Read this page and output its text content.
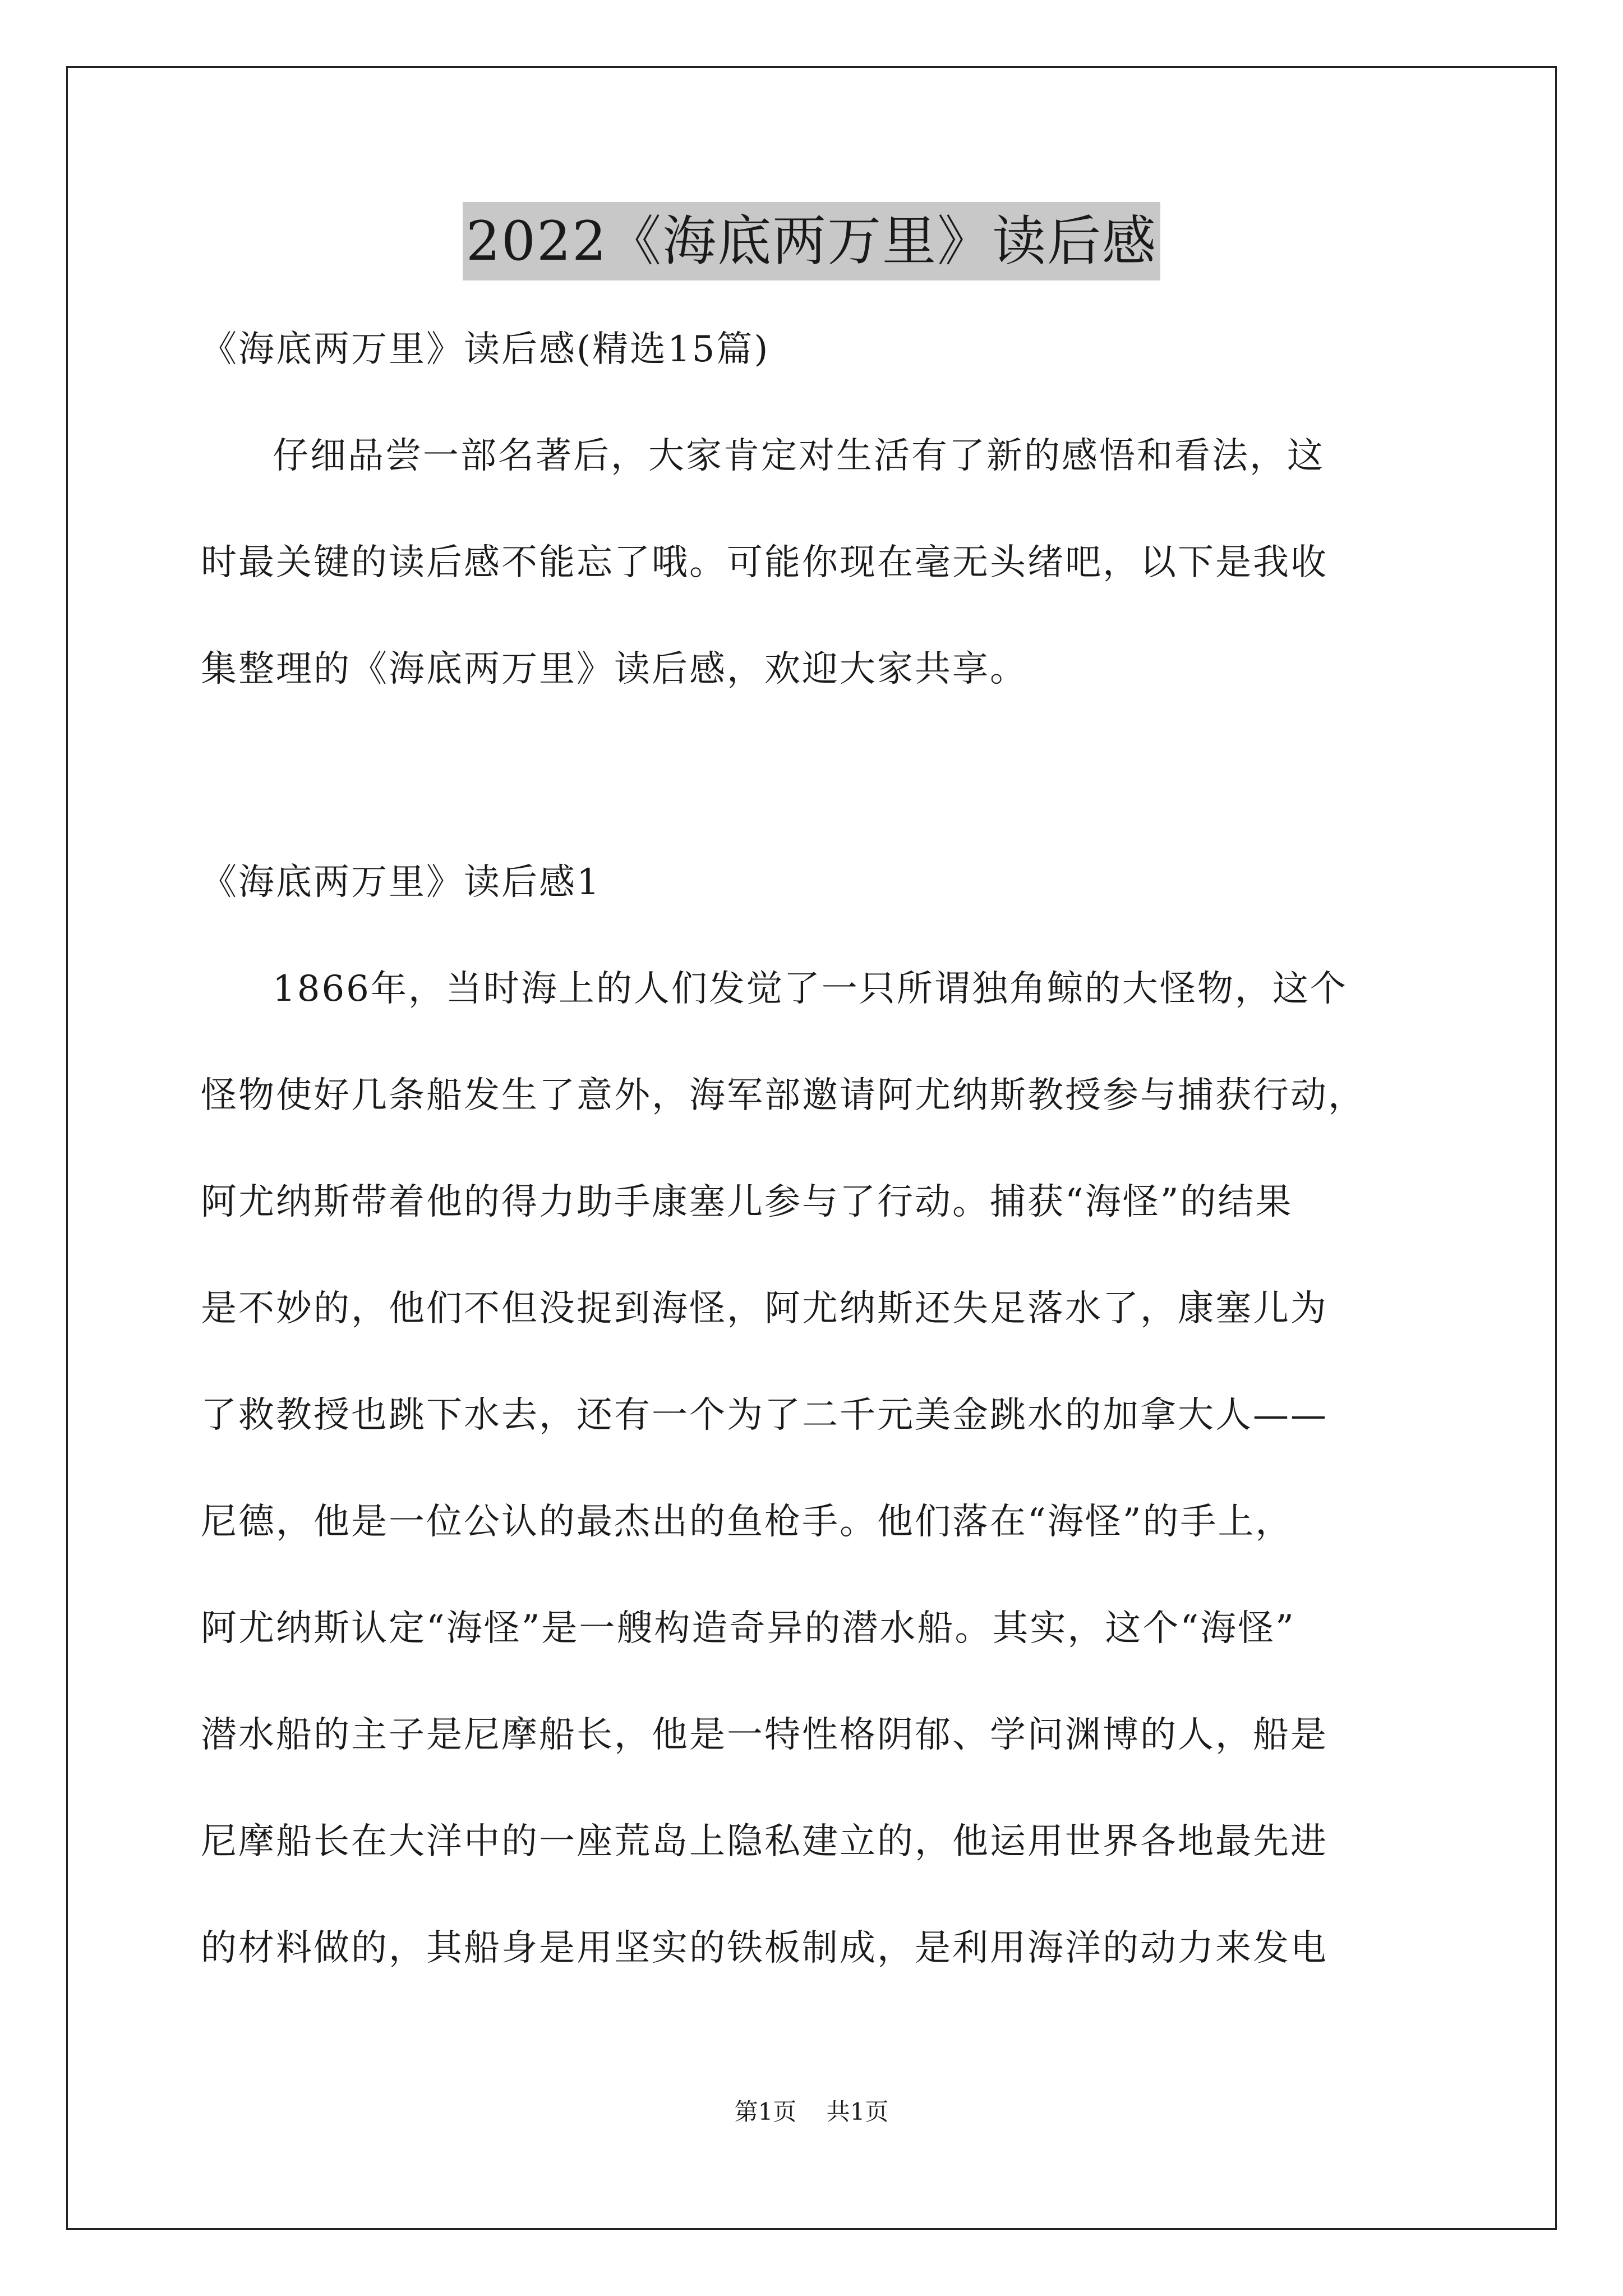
2022《海底两万里》读后感
《海底两万里》读后感(精选15篇)
仔细品尝一部名著后，大家肯定对生活有了新的感悟和看法，这
时最关键的读后感不能忘了哦。可能你现在毫无头绪吧，以下是我收
集整理的《海底两万里》读后感，欢迎大家共享。
《海底两万里》读后感1
1866年，当时海上的人们发觉了一只所谓独角鲸的大怪物，这个
怪物使好几条船发生了意外，海军部邀请阿尤纳斯教授参与捕获行动，
阿尤纳斯带着他的得力助手康塞儿参与了行动。捕获“海怪”的结果
是不妙的，他们不但没捉到海怪，阿尤纳斯还失足落水了，康塞儿为
了救教授也跳下水去，还有一个为了二千元美金跳水的加拿大人——
尼德，他是一位公认的最杰出的鱼枪手。他们落在“海怪”的手上，
阿尤纳斯认定“海怪”是一艘构造奇异的潜水船。其实，这个“海怪”
潜水船的主子是尼摩船长，他是一特性格阴郁、学问渊博的人，船是
尼摩船长在大洋中的一座荒岛上隐私建立的，他运用世界各地最先进
的材料做的，其船身是用坚实的铁板制成，是利用海洋的动力来发电
第1页 共1页
